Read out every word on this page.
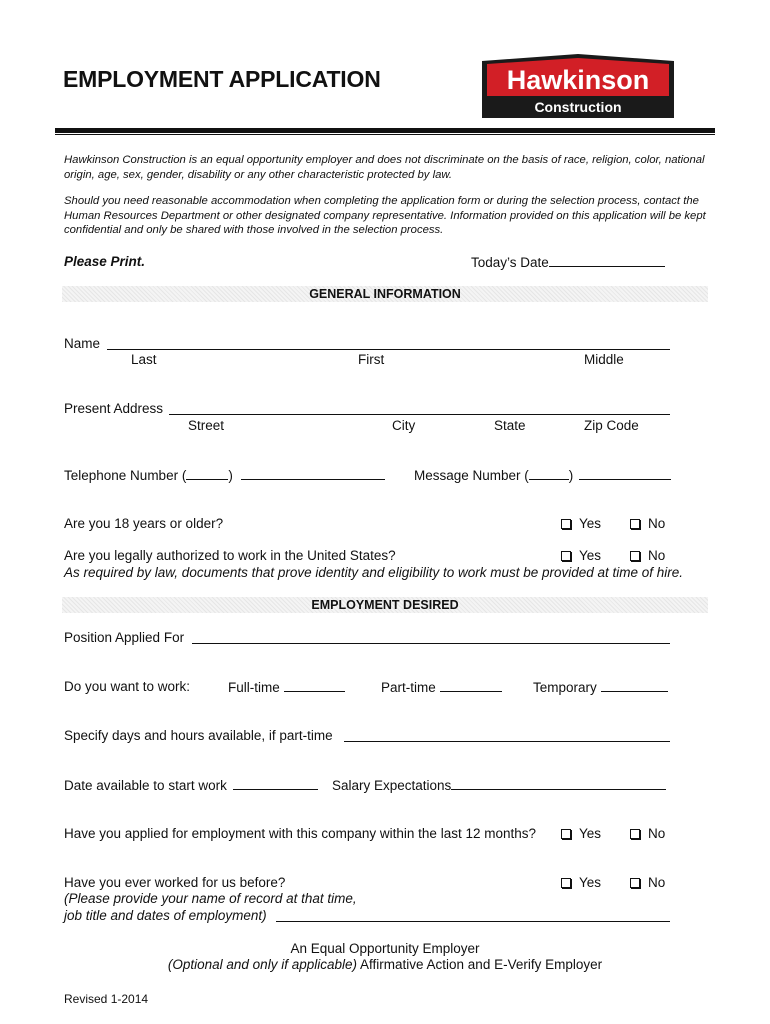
EMPLOYMENT APPLICATION	Hawkinson
Construction
Hawkinson Construction is an equal opportunity employer and does not discriminate on the basis of race, religion, color, national origin, age, sex, gender, disability or any other characteristic protected by law.
Should you need reasonable accommodation when completing the application form or during the selection process, contact the Human Resources Department or other designated company representative. Information provided on this application will be kept confidential and only be shared with those involved in the selection process.
Please Print.	Today’s Date
GENERAL INFORMATION
Name
Last	First	Middle
Present Address
Street	City	State	Zip Code
Telephone Number (	)	Message Number (	)
Are you 18 years or older?	Yes	No
Are you legally authorized to work in the United States?	Yes	No
As required by law, documents that prove identity and eligibility to work must be provided at time of hire.
EMPLOYMENT DESIRED
Position Applied For
Do you want to work:	Full-time	Part-time	Temporary
Specify days and hours available, if part-time
Date available to start work	Salary Expectations
Have you applied for employment with this company within the last 12 months?	Yes	No
Have you ever worked for us before?	Yes	No
(Please provide your name of record at that time,
job title and dates of employment)
An Equal Opportunity Employer
(Optional and only if applicable) Affirmative Action and E-Verify Employer
Revised 1-2014
